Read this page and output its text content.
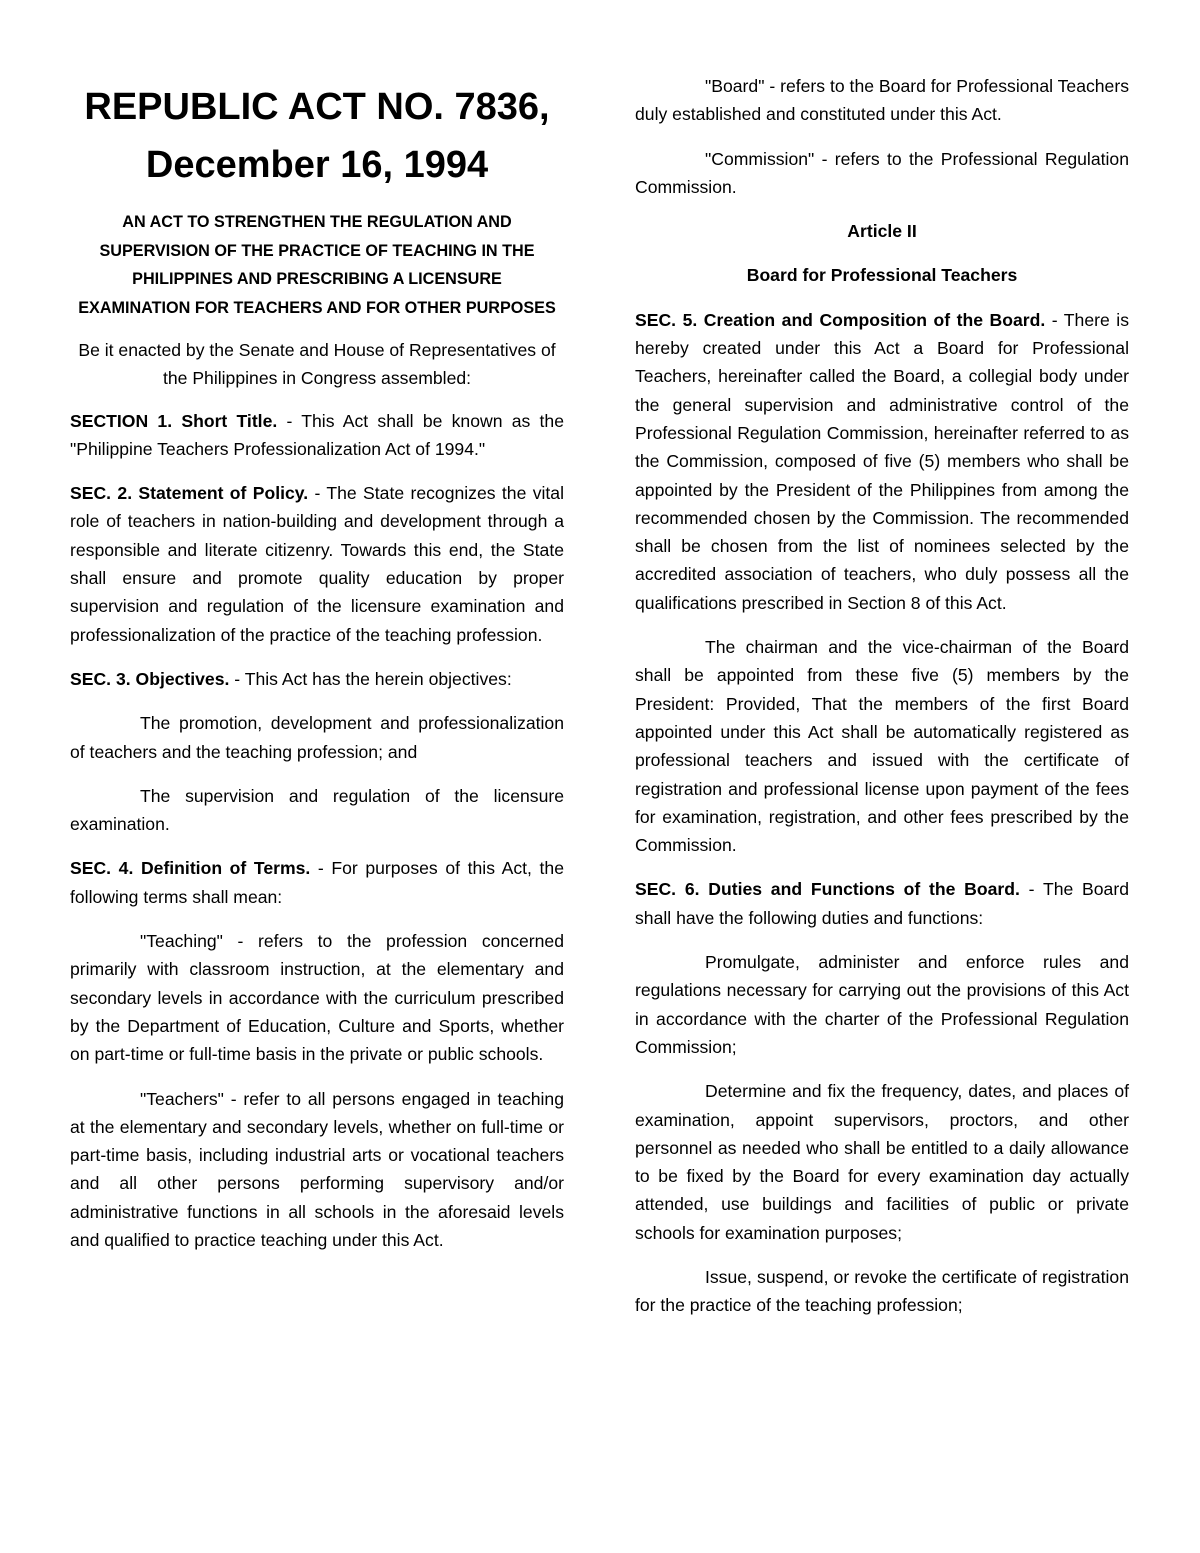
REPUBLIC ACT NO. 7836,
December 16, 1994
AN ACT TO STRENGTHEN THE REGULATION AND SUPERVISION OF THE PRACTICE OF TEACHING IN THE PHILIPPINES AND PRESCRIBING A LICENSURE EXAMINATION FOR TEACHERS AND FOR OTHER PURPOSES
Be it enacted by the Senate and House of Representatives of the Philippines in Congress assembled:

SECTION 1. Short Title. - This Act shall be known as the "Philippine Teachers Professionalization Act of 1994."

SEC. 2. Statement of Policy. - The State recognizes the vital role of teachers in nation-building and development through a responsible and literate citizenry. Towards this end, the State shall ensure and promote quality education by proper supervision and regulation of the licensure examination and professionalization of the practice of the teaching profession.

SEC. 3. Objectives. - This Act has the herein objectives:

The promotion, development and professionalization of teachers and the teaching profession; and

The supervision and regulation of the licensure examination.

SEC. 4. Definition of Terms. - For purposes of this Act, the following terms shall mean:

"Teaching" - refers to the profession concerned primarily with classroom instruction, at the elementary and secondary levels in accordance with the curriculum prescribed by the Department of Education, Culture and Sports, whether on part-time or full-time basis in the private or public schools.

"Teachers" - refer to all persons engaged in teaching at the elementary and secondary levels, whether on full-time or part-time basis, including industrial arts or vocational teachers and all other persons performing supervisory and/or administrative functions in all schools in the aforesaid levels and qualified to practice teaching under this Act.

"Board" - refers to the Board for Professional Teachers duly established and constituted under this Act.

"Commission" - refers to the Professional Regulation Commission.

Article II
Board for Professional Teachers

SEC. 5. Creation and Composition of the Board. - There is hereby created under this Act a Board for Professional Teachers, hereinafter called the Board, a collegial body under the general supervision and administrative control of the Professional Regulation Commission, hereinafter referred to as the Commission, composed of five (5) members who shall be appointed by the President of the Philippines from among the recommended chosen by the Commission. The recommended shall be chosen from the list of nominees selected by the accredited association of teachers, who duly possess all the qualifications prescribed in Section 8 of this Act.

The chairman and the vice-chairman of the Board shall be appointed from these five (5) members by the President: Provided, That the members of the first Board appointed under this Act shall be automatically registered as professional teachers and issued with the certificate of registration and professional license upon payment of the fees for examination, registration, and other fees prescribed by the Commission.

SEC. 6. Duties and Functions of the Board. - The Board shall have the following duties and functions:

Promulgate, administer and enforce rules and regulations necessary for carrying out the provisions of this Act in accordance with the charter of the Professional Regulation Commission;

Determine and fix the frequency, dates, and places of examination, appoint supervisors, proctors, and other personnel as needed who shall be entitled to a daily allowance to be fixed by the Board for every examination day actually attended, use buildings and facilities of public or private schools for examination purposes;

Issue, suspend, or revoke the certificate of registration for the practice of the teaching profession;
